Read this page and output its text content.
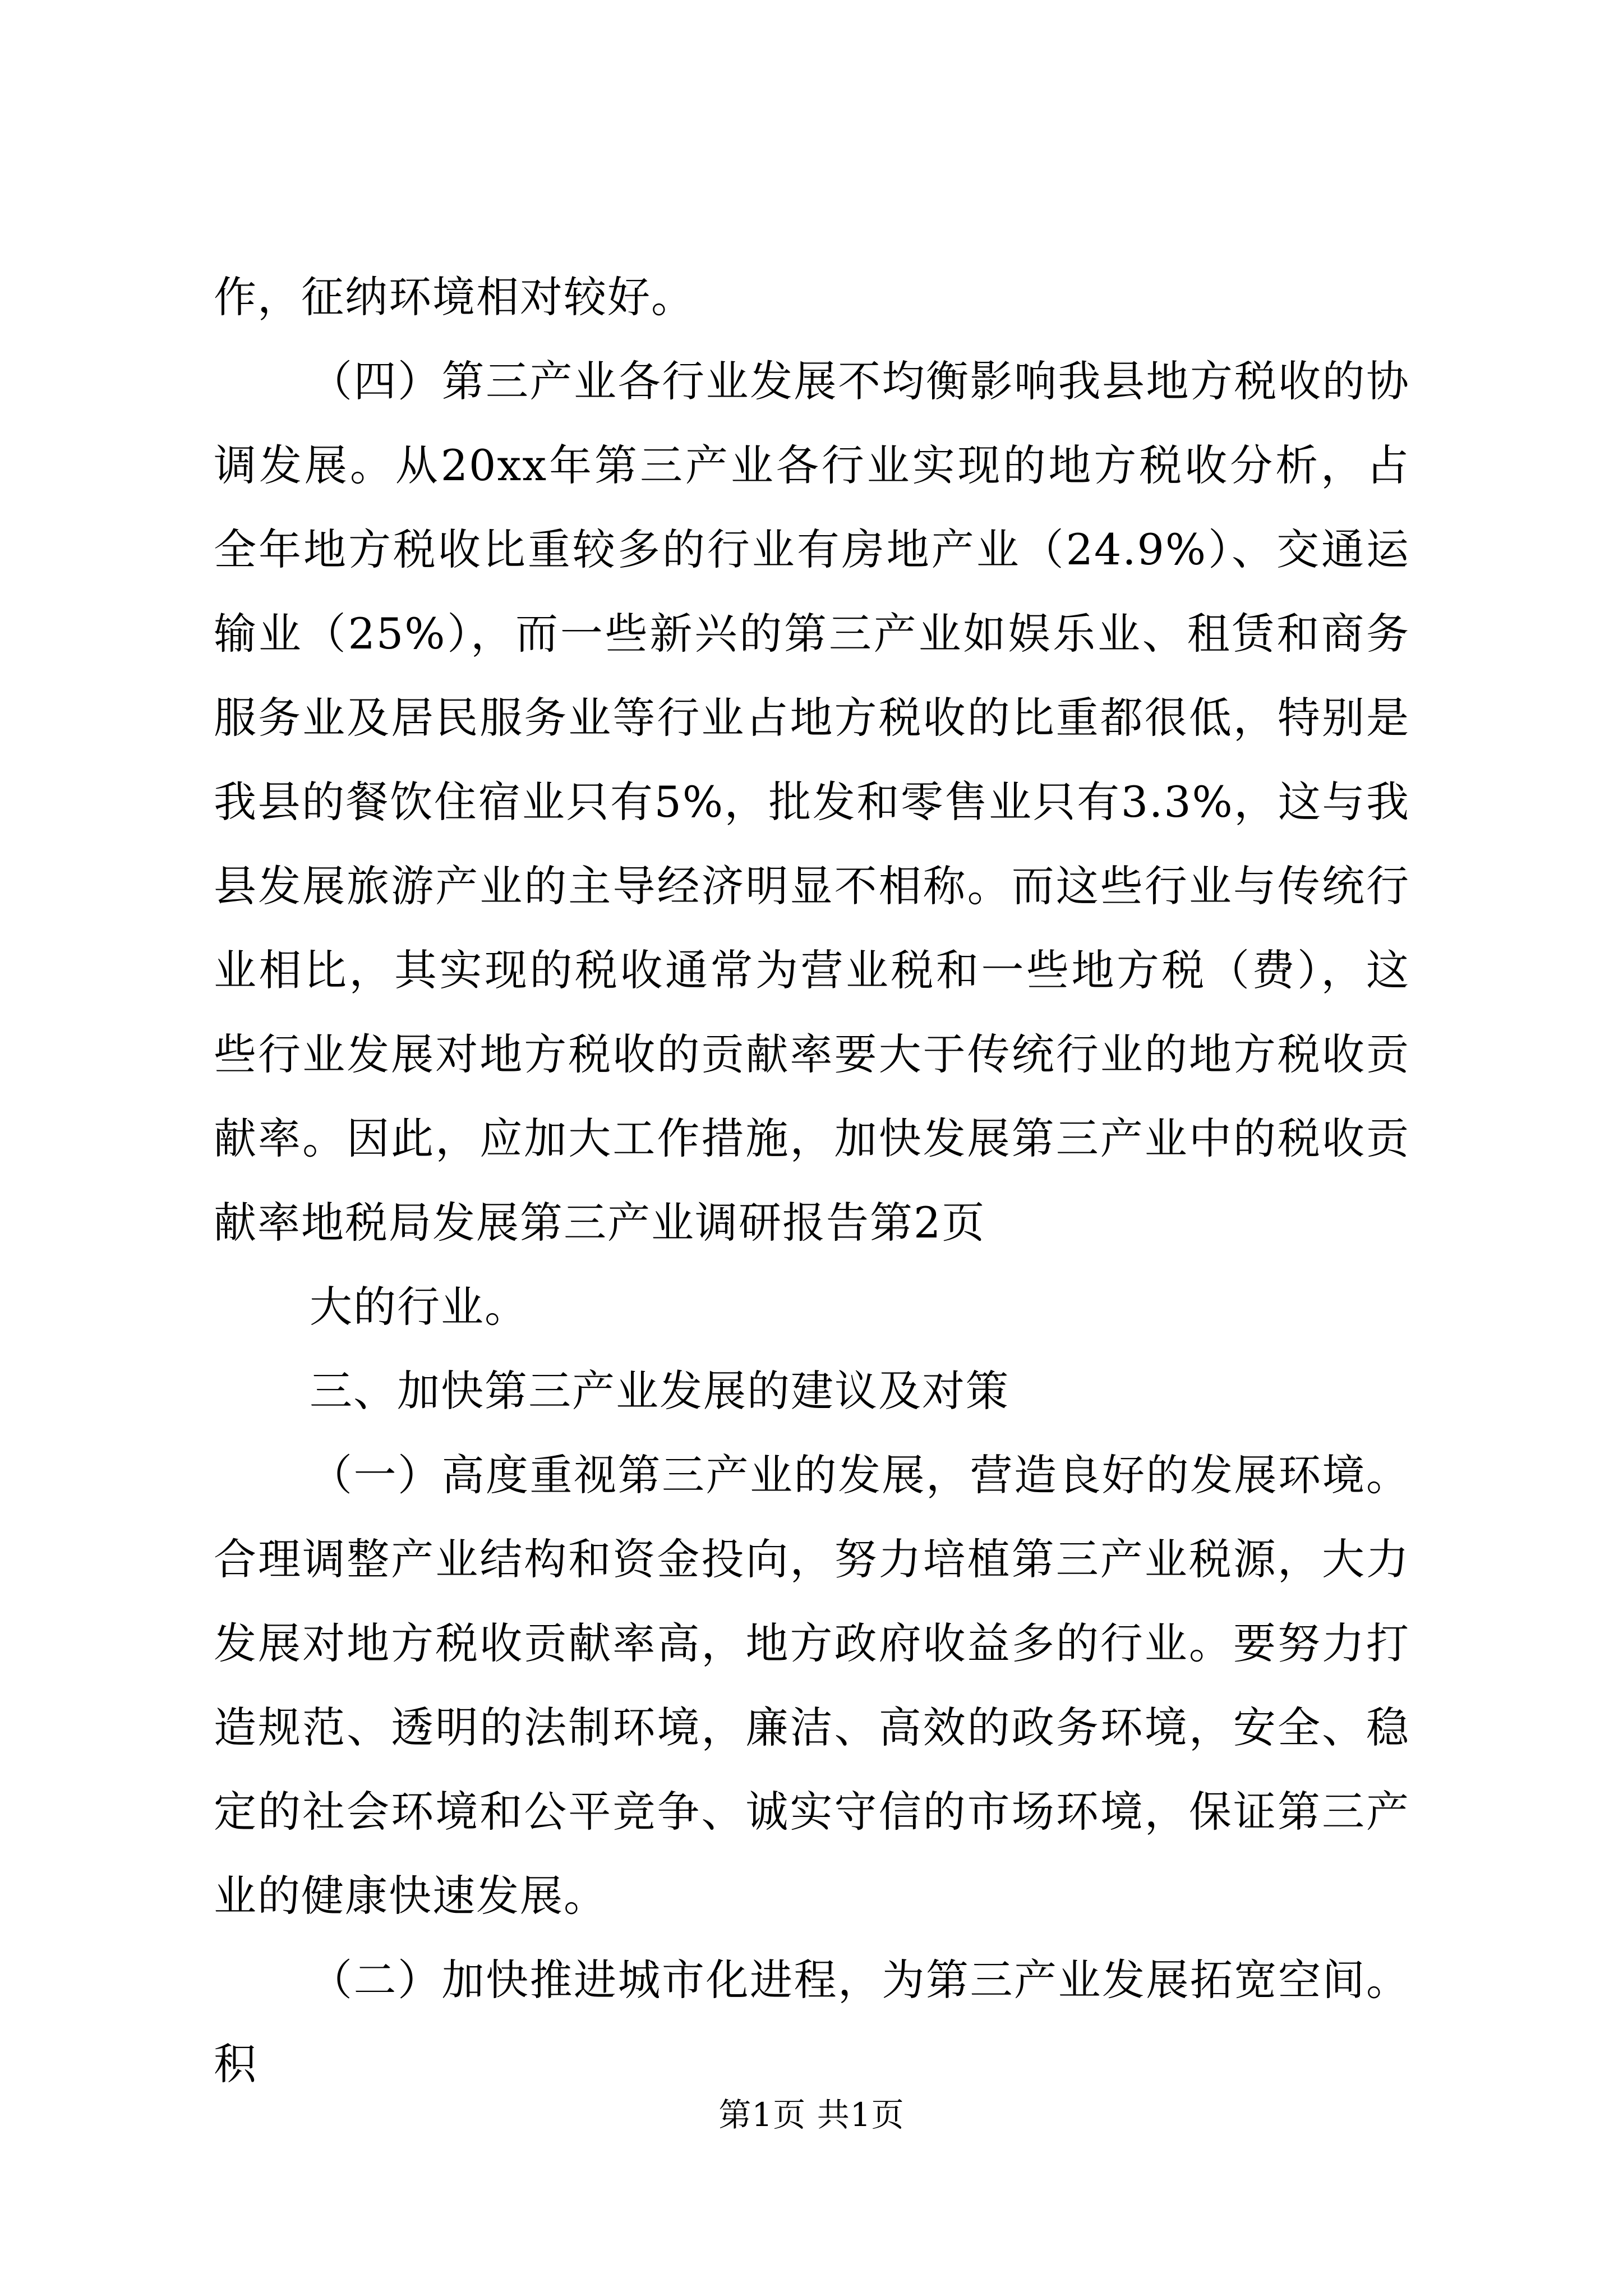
作，征纳环境相对较好。

（四）第三产业各行业发展不均衡影响我县地方税收的协调发展。从20xx年第三产业各行业实现的地方税收分析，占全年地方税收比重较多的行业有房地产业（24.9%）、交通运输业（25%），而一些新兴的第三产业如娱乐业、租赁和商务服务业及居民服务业等行业占地方税收的比重都很低，特别是我县的餐饮住宿业只有5%，批发和零售业只有3.3%，这与我县发展旅游产业的主导经济明显不相称。而这些行业与传统行业相比，其实现的税收通常为营业税和一些地方税（费），这些行业发展对地方税收的贡献率要大于传统行业的地方税收贡献率。因此，应加大工作措施，加快发展第三产业中的税收贡献率地税局发展第三产业调研报告第2页

大的行业。

三、加快第三产业发展的建议及对策

（一）高度重视第三产业的发展，营造良好的发展环境。合理调整产业结构和资金投向，努力培植第三产业税源，大力发展对地方税收贡献率高，地方政府收益多的行业。要努力打造规范、透明的法制环境，廉洁、高效的政务环境，安全、稳定的社会环境和公平竞争、诚实守信的市场环境，保证第三产业的健康快速发展。

（二）加快推进城市化进程，为第三产业发展拓宽空间。积

第1页 共1页
